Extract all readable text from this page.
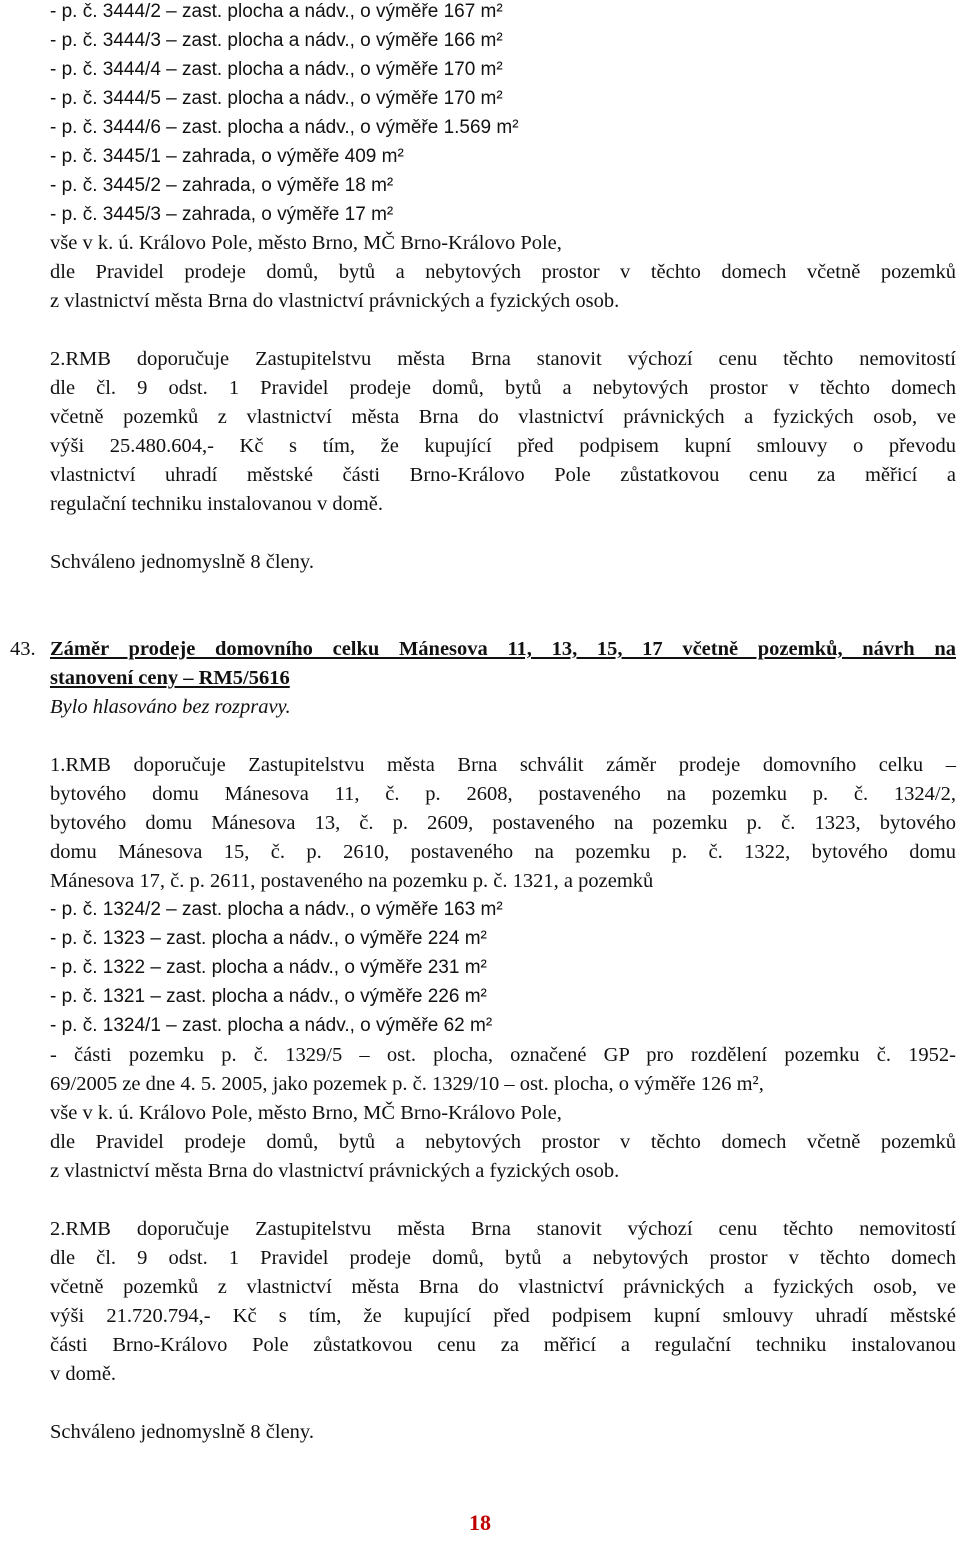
- p. č. 3444/2 – zast. plocha a nádv., o výměře 167 m²
- p. č. 3444/3 – zast. plocha a nádv., o výměře 166 m²
- p. č. 3444/4 – zast. plocha a nádv., o výměře 170 m²
- p. č. 3444/5 – zast. plocha a nádv., o výměře 170 m²
- p. č. 3444/6 – zast. plocha a nádv., o výměře 1.569 m²
- p. č. 3445/1 – zahrada, o výměře 409 m²
- p. č. 3445/2 – zahrada, o výměře 18 m²
- p. č. 3445/3 – zahrada, o výměře 17 m²
vše v k. ú. Královo Pole, město Brno, MČ Brno-Královo Pole,
dle Pravidel prodeje domů, bytů a nebytových prostor v těchto domech včetně pozemků
z vlastnictví města Brna do vlastnictví právnických a fyzických osob.
2.RMB doporučuje Zastupitelstvu města Brna stanovit výchozí cenu těchto nemovitostí
dle čl. 9 odst. 1 Pravidel prodeje domů, bytů a nebytových prostor v těchto domech
včetně pozemků z vlastnictví města Brna do vlastnictví právnických a fyzických osob, ve
výši 25.480.604,- Kč s tím, že kupující před podpisem kupní smlouvy o převodu
vlastnictví uhradí městské části Brno-Královo Pole zůstatkovou cenu za měřicí a
regulační techniku instalovanou v domě.
Schváleno jednomyslně 8 členy.
43. Záměr prodeje domovního celku Mánesova 11, 13, 15, 17 včetně pozemků, návrh na
stanovení ceny – RM5/5616
Bylo hlasováno bez rozpravy.
1.RMB doporučuje Zastupitelstvu města Brna schválit záměr prodeje domovního celku –
bytového domu Mánesova 11, č. p. 2608, postaveného na pozemku p. č. 1324/2,
bytového domu Mánesova 13, č. p. 2609, postaveného na pozemku p. č. 1323, bytového
domu Mánesova 15, č. p. 2610, postaveného na pozemku p. č. 1322, bytového domu
Mánesova 17, č. p. 2611, postaveného na pozemku p. č. 1321, a pozemků
- p. č. 1324/2 – zast. plocha a nádv., o výměře 163 m²
- p. č. 1323 – zast. plocha a nádv., o výměře 224 m²
- p. č. 1322 – zast. plocha a nádv., o výměře 231 m²
- p. č. 1321 – zast. plocha a nádv., o výměře 226 m²
- p. č. 1324/1 – zast. plocha a nádv., o výměře 62 m²
- části pozemku p. č. 1329/5 – ost. plocha, označené GP pro rozdělení pozemku č. 1952-
69/2005 ze dne 4. 5. 2005, jako pozemek p. č. 1329/10 – ost. plocha, o výměře 126 m²,
vše v k. ú. Královo Pole, město Brno, MČ Brno-Královo Pole,
dle Pravidel prodeje domů, bytů a nebytových prostor v těchto domech včetně pozemků
z vlastnictví města Brna do vlastnictví právnických a fyzických osob.
2.RMB doporučuje Zastupitelstvu města Brna stanovit výchozí cenu těchto nemovitostí
dle čl. 9 odst. 1 Pravidel prodeje domů, bytů a nebytových prostor v těchto domech
včetně pozemků z vlastnictví města Brna do vlastnictví právnických a fyzických osob, ve
výši 21.720.794,- Kč s tím, že kupující před podpisem kupní smlouvy uhradí městské
části Brno-Královo Pole zůstatkovou cenu za měřicí a regulační techniku instalovanou
v domě.
Schváleno jednomyslně 8 členy.
18
